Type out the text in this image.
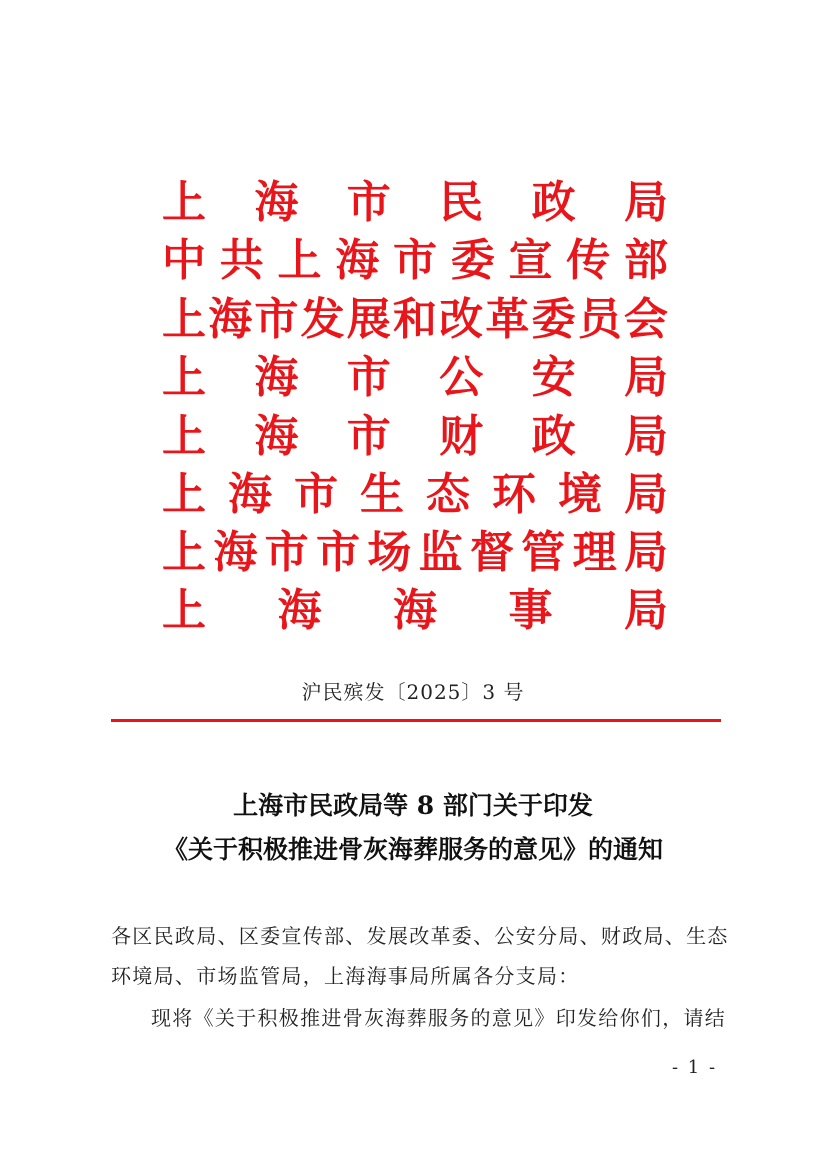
上 海 市 民 政 局
中 共 上 海 市 委 宣 传 部
上 海 市 发 展 和 改 革 委 员 会
上 海 市 公 安 局
上 海 市 财 政 局
上 海 市 生 态 环 境 局
上 海 市 市 场 监 督 管 理 局
上 海 海 事 局
沪民殡发〔2025〕3 号
上海市民政局等 8 部门关于印发
《关于积极推进骨灰海葬服务的意见》的通知
各区民政局、区委宣传部、发展改革委、公安分局、财政局、生态
环境局、市场监管局，上海海事局所属各分支局：
现将《关于积极推进骨灰海葬服务的意见》印发给你们，请结
- 1 -
